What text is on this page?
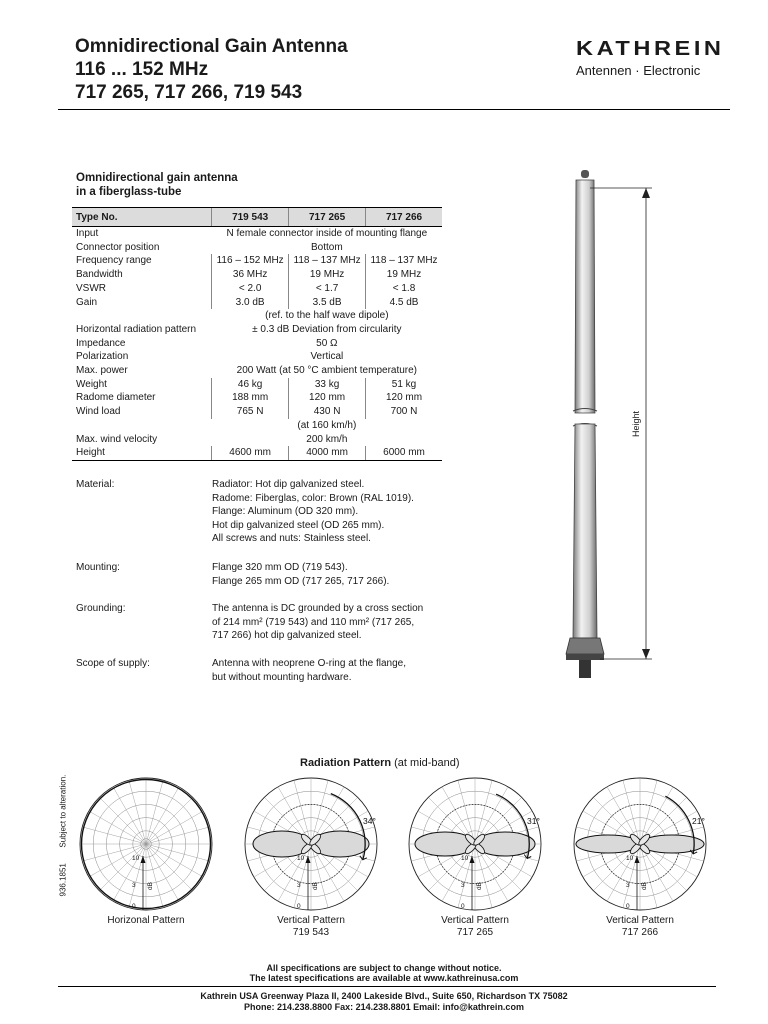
Omnidirectional Gain Antenna
116 ... 152 MHz
717 265, 717 266, 719 543
KATHREIN
Antennen · Electronic
Omnidirectional gain antenna
in a fiberglass-tube
Type No.	719 543	717 265	717 266
Input	N female connector inside of mounting flange		
Connector position	Bottom		
Frequency range	116 – 152 MHz	118 – 137 MHz	118 – 137 MHz
Bandwidth	36 MHz	19 MHz	19 MHz
VSWR	< 2.0	< 1.7	< 1.8
Gain	3.0 dB	3.5 dB	4.5 dB
	(ref. to the half wave dipole)		
Horizontal radiation pattern	± 0.3 dB Deviation from circularity		
Impedance	50 Ω		
Polarization	Vertical		
Max. power	200 Watt (at 50 °C ambient temperature)		
Weight	46 kg	33 kg	51 kg
Radome diameter	188 mm	120 mm	120 mm
Wind load	765 N	430 N	700 N
	(at 160 km/h)		
Max. wind velocity	200 km/h		
Height	4600 mm	4000 mm	6000 mm
Height
Material:	Radiator: Hot dip galvanized steel.
Radome: Fiberglas, color: Brown (RAL 1019).
Flange: Aluminum (OD 320 mm).
Hot dip galvanized steel (OD 265 mm).
All screws and nuts: Stainless steel.
Mounting:	Flange 320 mm OD (719 543).
Flange 265 mm OD (717 265, 717 266).
Grounding:	The antenna is DC grounded by a cross section
of 214 mm² (719 543) and 110 mm² (717 265,
717 266) hot dip galvanized steel.
Scope of supply:	Antenna with neoprene O-ring at the flange,
but without mounting hardware.
Radiation Pattern (at mid-band)
10
3
0
dB
34°
10
3
0
dB
31°
10
3
0
dB
21°
10
3
0
dB
Horizonal Pattern	Vertical Pattern
719 543
Vertical Pattern
717 265
Vertical Pattern
717 266
936.1851       Subject to alteration.
All specifications are subject to change without notice.
The latest specifications are available at www.kathreinusa.com
Kathrein USA Greenway Plaza II, 2400 Lakeside Blvd., Suite 650, Richardson TX 75082
Phone: 214.238.8800 Fax: 214.238.8801 Email: info@kathrein.com
